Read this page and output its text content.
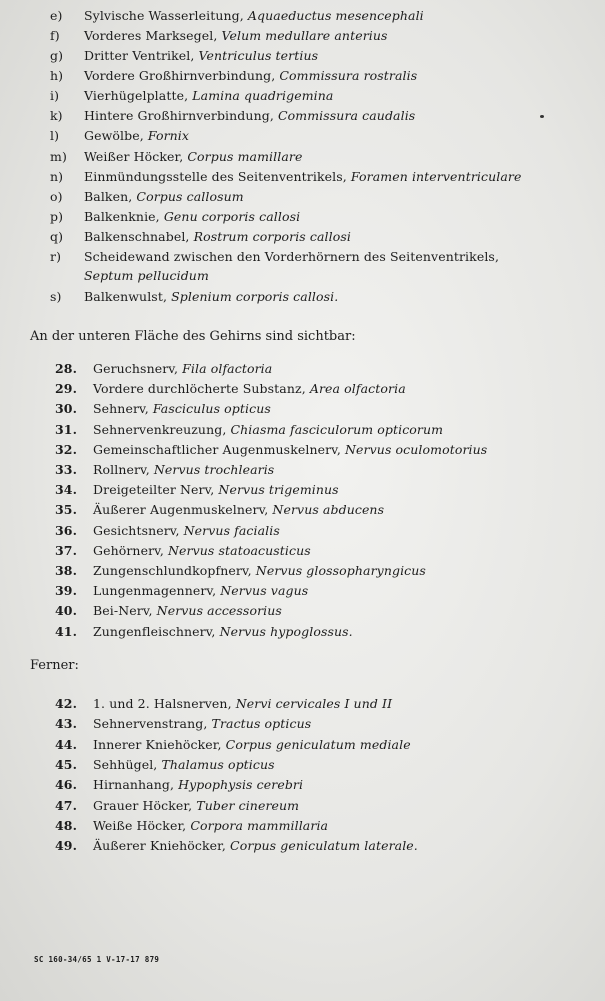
e) Sylvische Wasserleitung, Aquaeductus mesencephali
f) Vorderes Marksegel, Velum medullare anterius
g) Dritter Ventrikel, Ventriculus tertius
h) Vordere Großhirnverbindung, Commissura rostralis
i) Vierhügelplatte, Lamina quadrigemina
k) Hintere Großhirnverbindung, Commissura caudalis
l) Gewölbe, Fornix
m) Weißer Höcker, Corpus mamillare
n) Einmündungsstelle des Seitenventrikels, Foramen interventriculare
o) Balken, Corpus callosum
p) Balkenknie, Genu corporis callosi
q) Balkenschnabel, Rostrum corporis callosi
r) Scheidewand zwischen den Vorderhörnern des Seitenventrikels,
Septum pellucidum
s) Balkenwulst, Splenium corporis callosi.
An der unteren Fläche des Gehirns sind sichtbar:
28. Geruchsnerv, Fila olfactoria
29. Vordere durchlöcherte Substanz, Area olfactoria
30. Sehnerv, Fasciculus opticus
31. Sehnervenkreuzung, Chiasma fasciculorum opticorum
32. Gemeinschaftlicher Augenmuskelnerv, Nervus oculomotorius
33. Rollnerv, Nervus trochlearis
34. Dreigeteilter Nerv, Nervus trigeminus
35. Äußerer Augenmuskelnerv, Nervus abducens
36. Gesichtsnerv, Nervus facialis
37. Gehörnerv, Nervus statoacusticus
38. Zungenschlundkopfnerv, Nervus glossopharyngicus
39. Lungenmagennerv, Nervus vagus
40. Bei-Nerv, Nervus accessorius
41. Zungenfleischnerv, Nervus hypoglossus.
Ferner:
42. 1. und 2. Halsnerven, Nervi cervicales I und II
43. Sehnervenstrang, Tractus opticus
44. Innerer Kniehöcker, Corpus geniculatum mediale
45. Sehhügel, Thalamus opticus
46. Hirnanhang, Hypophysis cerebri
47. Grauer Höcker, Tuber cinereum
48. Weiße Höcker, Corpora mammillaria
49. Äußerer Kniehöcker, Corpus geniculatum laterale.
SC 160-34/65 1 V-17-17 879
